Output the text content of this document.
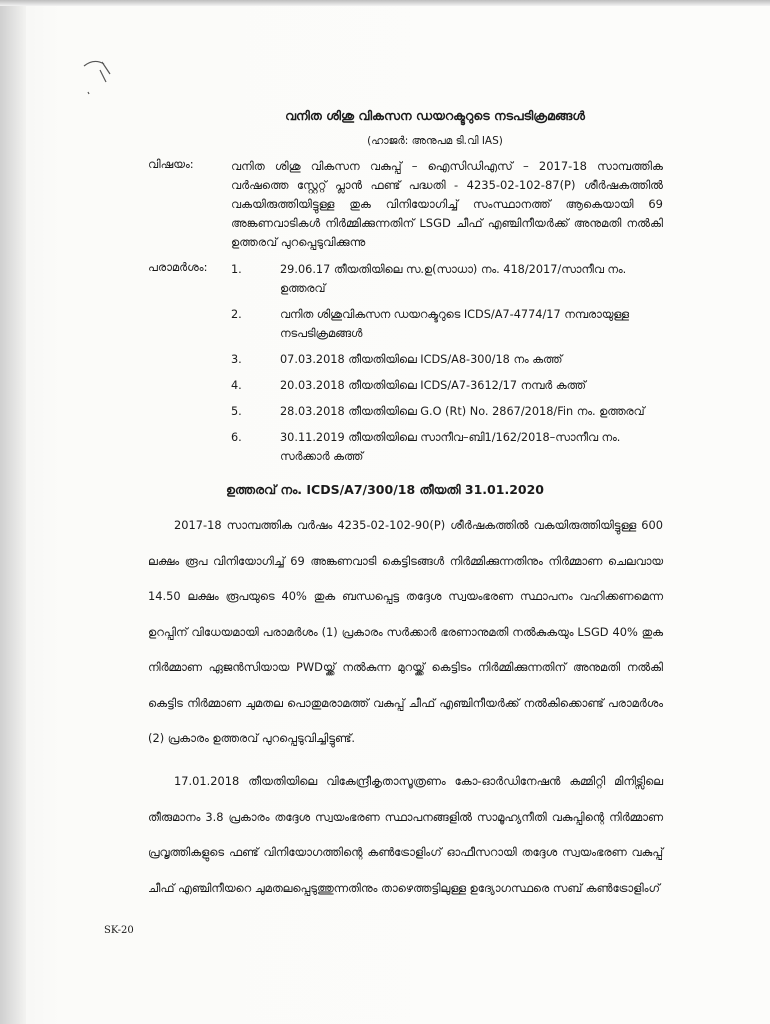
വനിത ശിശു വികസന ഡയറക്ടറുടെ നടപടിക്രമങ്ങൾ
(ഹാജർ: അനുപമ ടി.വി IAS)
വിഷയം:	വനിത ശിശു വികസന വകുപ്പ് – ഐസിഡിഎസ് – 2017-18 സാമ്പത്തിക വർഷത്തെ സ്റ്റേറ്റ് പ്ലാൻ ഫണ്ട് പദ്ധതി - 4235-02-102-87(P) ശീർഷകത്തിൽ വകയിരുത്തിയിട്ടുള്ള തുക വിനിയോഗിച്ച് സംസ്ഥാനത്ത് ആകെയായി 69 അങ്കണവാടികൾ നിർമ്മിക്കുന്നതിന് LSGD ചീഫ് എഞ്ചിനീയർക്ക് അനുമതി നൽകി ഉത്തരവ് പുറപ്പെടുവിക്കുന്നു
പരാമർശം: 1.	29.06.17 തീയതിയിലെ സ.ഉ(സാധാ) നം. 418/2017/സാനീവ നം. ഉത്തരവ്
2.	വനിത ശിശുവികസന ഡയറക്ടറുടെ ICDS/A7-4774/17 നമ്പരായുള്ള നടപടിക്രമങ്ങൾ
3.	07.03.2018 തീയതിയിലെ ICDS/A8-300/18 നം കത്ത്
4.	20.03.2018 തീയതിയിലെ ICDS/A7-3612/17 നമ്പർ കത്ത്
5.	28.03.2018 തീയതിയിലെ G.O (Rt) No. 2867/2018/Fin നം. ഉത്തരവ്
6.	30.11.2019 തീയതിയിലെ സാനീവ–ബി1/162/2018–സാനീവ നം. സർക്കാർ കത്ത്
ഉത്തരവ് നം. ICDS/A7/300/18 തീയതി 31.01.2020

2017-18 സാമ്പത്തിക വർഷം 4235-02-102-90(P) ശീർഷകത്തിൽ വകയിരുത്തിയിട്ടുള്ള 600 ലക്ഷം രൂപ വിനിയോഗിച്ച് 69 അങ്കണവാടി കെട്ടിടങ്ങൾ നിർമ്മിക്കുന്നതിനും നിർമ്മാണ ചെലവായ 14.50 ലക്ഷം രൂപയുടെ 40% തുക ബന്ധപ്പെട്ട തദ്ദേശ സ്വയംഭരണ സ്ഥാപനം വഹിക്കണമെന്ന ഉറപ്പിന് വിധേയമായി പരാമർശം (1) പ്രകാരം സർക്കാർ ഭരണാനുമതി നൽകുകയും LSGD 40% തുക നിർമ്മാണ ഏജൻസിയായ PWDയ്ക്ക് നൽകുന്ന മുറയ്ക്ക് കെട്ടിടം നിർമ്മിക്കുന്നതിന് അനുമതി നൽകി കെട്ടിട നിർമ്മാണ ചുമതല പൊതുമരാമത്ത് വകുപ്പ് ചീഫ് എഞ്ചിനീയർക്ക് നൽകിക്കൊണ്ട് പരാമർശം (2) പ്രകാരം ഉത്തരവ് പുറപ്പെടുവിച്ചിട്ടുണ്ട്.

17.01.2018 തീയതിയിലെ വികേന്ദ്രീകൃതാസൂത്രണം കോ-ഓർഡിനേഷൻ കമ്മിറ്റി മിനിട്സിലെ തീരുമാനം 3.8 പ്രകാരം തദ്ദേശ സ്വയംഭരണ സ്ഥാപനങ്ങളിൽ സാമൂഹ്യനീതി വകുപ്പിന്റെ നിർമ്മാണ പ്രവൃത്തികളുടെ ഫണ്ട് വിനിയോഗത്തിന്റെ കൺട്രോളിംഗ് ഓഫീസറായി തദ്ദേശ സ്വയംഭരണ വകുപ്പ് ചീഫ് എഞ്ചിനീയറെ ചുമതലപ്പെടുത്തുന്നതിനും താഴെത്തട്ടിലുള്ള ഉദ്യോഗസ്ഥരെ സബ് കൺട്രോളിംഗ്

SK-20
